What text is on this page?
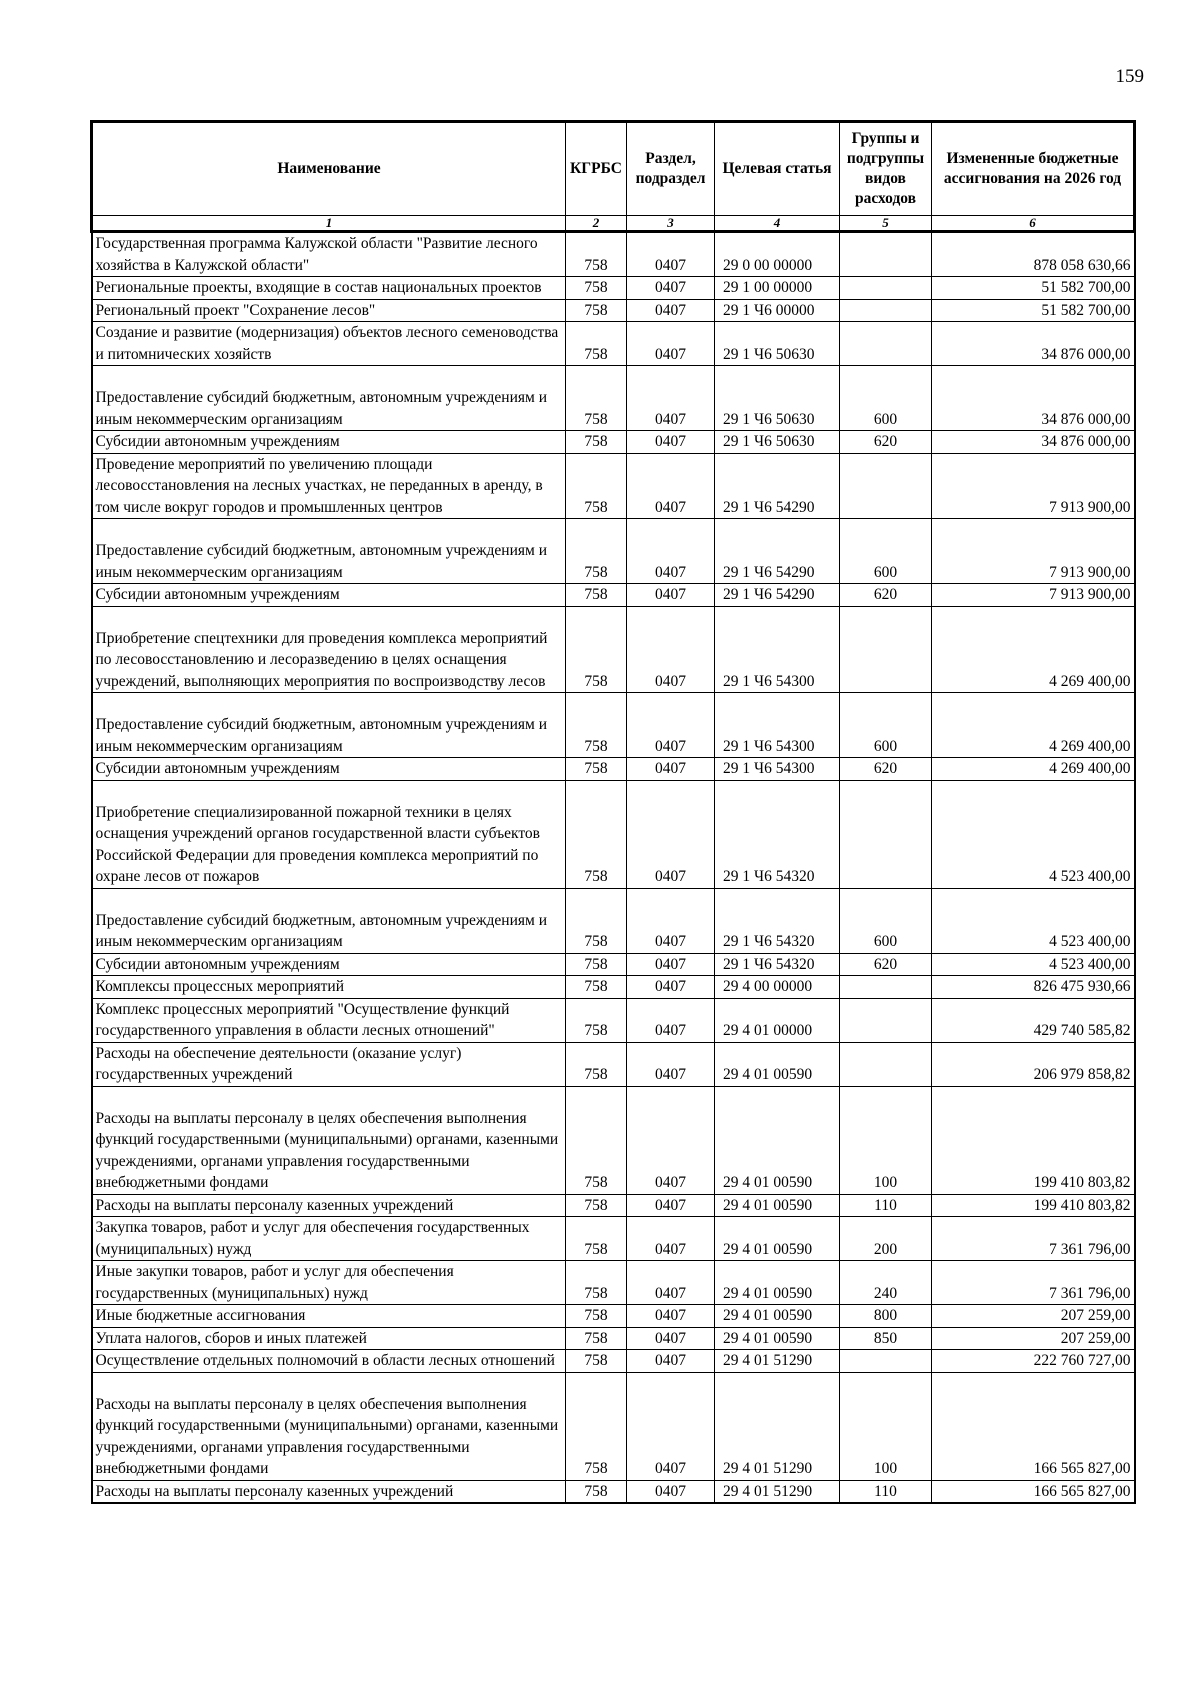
159
Наименование	КГРБС	Раздел, подраздел	Целевая статья	Группы и подгруппы видов расходов	Измененные бюджетные ассигнования на 2026 год
1	2	3	4	5	6
Государственная программа Калужской области "Развитие лесного хозяйства в Калужской области"	758	0407	29 0 00 00000		878 058 630,66
Региональные проекты, входящие в состав национальных проектов	758	0407	29 1 00 00000		51 582 700,00
Региональный проект "Сохранение лесов"	758	0407	29 1 Ч6 00000		51 582 700,00
Создание и развитие (модернизация) объектов лесного семеноводства и питомнических хозяйств	758	0407	29 1 Ч6 50630		34 876 000,00
Предоставление субсидий бюджетным, автономным учреждениям и иным некоммерческим организациям	758	0407	29 1 Ч6 50630	600	34 876 000,00
Субсидии автономным учреждениям	758	0407	29 1 Ч6 50630	620	34 876 000,00
Проведение мероприятий по увеличению площади лесовосстановления на лесных участках, не переданных в аренду, в том числе вокруг городов и промышленных центров	758	0407	29 1 Ч6 54290		7 913 900,00
Предоставление субсидий бюджетным, автономным учреждениям и иным некоммерческим организациям	758	0407	29 1 Ч6 54290	600	7 913 900,00
Субсидии автономным учреждениям	758	0407	29 1 Ч6 54290	620	7 913 900,00
Приобретение спецтехники для проведения комплекса мероприятий по лесовосстановлению и лесоразведению в целях оснащения учреждений, выполняющих мероприятия по воспроизводству лесов	758	0407	29 1 Ч6 54300		4 269 400,00
Предоставление субсидий бюджетным, автономным учреждениям и иным некоммерческим организациям	758	0407	29 1 Ч6 54300	600	4 269 400,00
Субсидии автономным учреждениям	758	0407	29 1 Ч6 54300	620	4 269 400,00
Приобретение специализированной пожарной техники в целях оснащения учреждений органов государственной власти субъектов Российской Федерации для проведения комплекса мероприятий по охране лесов от пожаров	758	0407	29 1 Ч6 54320		4 523 400,00
Предоставление субсидий бюджетным, автономным учреждениям и иным некоммерческим организациям	758	0407	29 1 Ч6 54320	600	4 523 400,00
Субсидии автономным учреждениям	758	0407	29 1 Ч6 54320	620	4 523 400,00
Комплексы процессных мероприятий	758	0407	29 4 00 00000		826 475 930,66
Комплекс процессных мероприятий "Осуществление функций государственного управления в области лесных отношений"	758	0407	29 4 01 00000		429 740 585,82
Расходы на обеспечение деятельности (оказание услуг) государственных учреждений	758	0407	29 4 01 00590		206 979 858,82
Расходы на выплаты персоналу в целях обеспечения выполнения функций государственными (муниципальными) органами, казенными учреждениями, органами управления государственными внебюджетными фондами	758	0407	29 4 01 00590	100	199 410 803,82
Расходы на выплаты персоналу казенных учреждений	758	0407	29 4 01 00590	110	199 410 803,82
Закупка товаров, работ и услуг для обеспечения государственных (муниципальных) нужд	758	0407	29 4 01 00590	200	7 361 796,00
Иные закупки товаров, работ и услуг для обеспечения государственных (муниципальных) нужд	758	0407	29 4 01 00590	240	7 361 796,00
Иные бюджетные ассигнования	758	0407	29 4 01 00590	800	207 259,00
Уплата налогов, сборов и иных платежей	758	0407	29 4 01 00590	850	207 259,00
Осуществление отдельных полномочий в области лесных отношений	758	0407	29 4 01 51290		222 760 727,00
Расходы на выплаты персоналу в целях обеспечения выполнения функций государственными (муниципальными) органами, казенными учреждениями, органами управления государственными внебюджетными фондами	758	0407	29 4 01 51290	100	166 565 827,00
Расходы на выплаты персоналу казенных учреждений	758	0407	29 4 01 51290	110	166 565 827,00
